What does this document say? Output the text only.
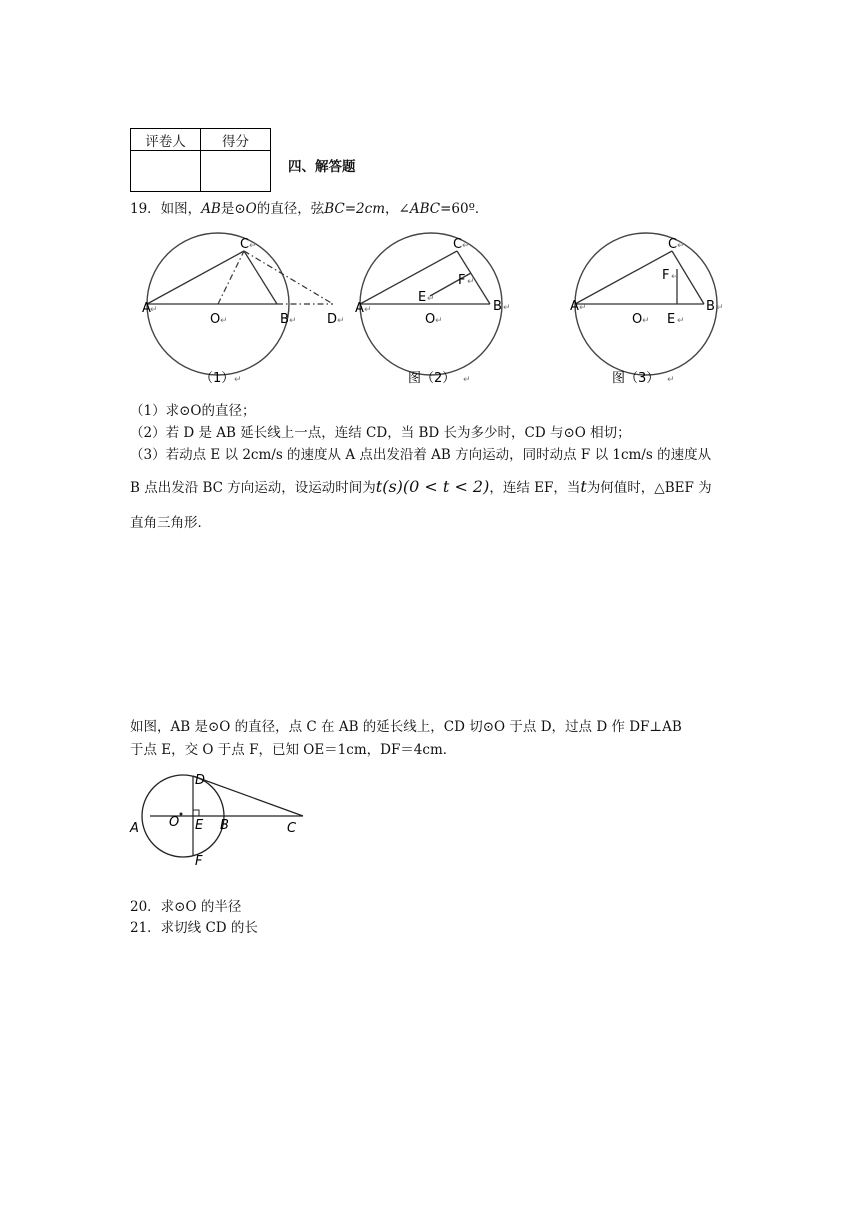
评卷人	得分

四、解答题
19．如图，AB是⊙O的直径，弦BC=2cm，∠ABC=60º．
A ↵
C ↵
O ↵	B ↵ D ↵
（1） ↵
A ↵
C ↵
F ↵
E ↵	B ↵
O ↵
图（2） ↵
A ↵
C ↵
F ↵
O ↵ E ↵
B ↵
图（3） ↵
（1）求⊙O的直径；
（2）若 D 是 AB 延长线上一点，连结 CD，当 BD 长为多少时，CD 与⊙O 相切；
（3）若动点 E 以 2cm/s 的速度从 A 点出发沿着 AB 方向运动，同时动点 F 以 1cm/s 的速度从
B 点出发沿 BC 方向运动，设运动时间为t(s)(0 < t < 2)，连结 EF，当t为何值时，△BEF 为
直角三角形．
如图，AB 是⊙O 的直径，点 C 在 AB 的延长线上，CD 切⊙O 于点 D，过点 D 作 DF⊥AB
于点 E，交 O 于点 F，已知 OE＝1cm，DF＝4cm．
D
O E B
A	C
F
20．求⊙O 的半径
21．求切线 CD 的长
